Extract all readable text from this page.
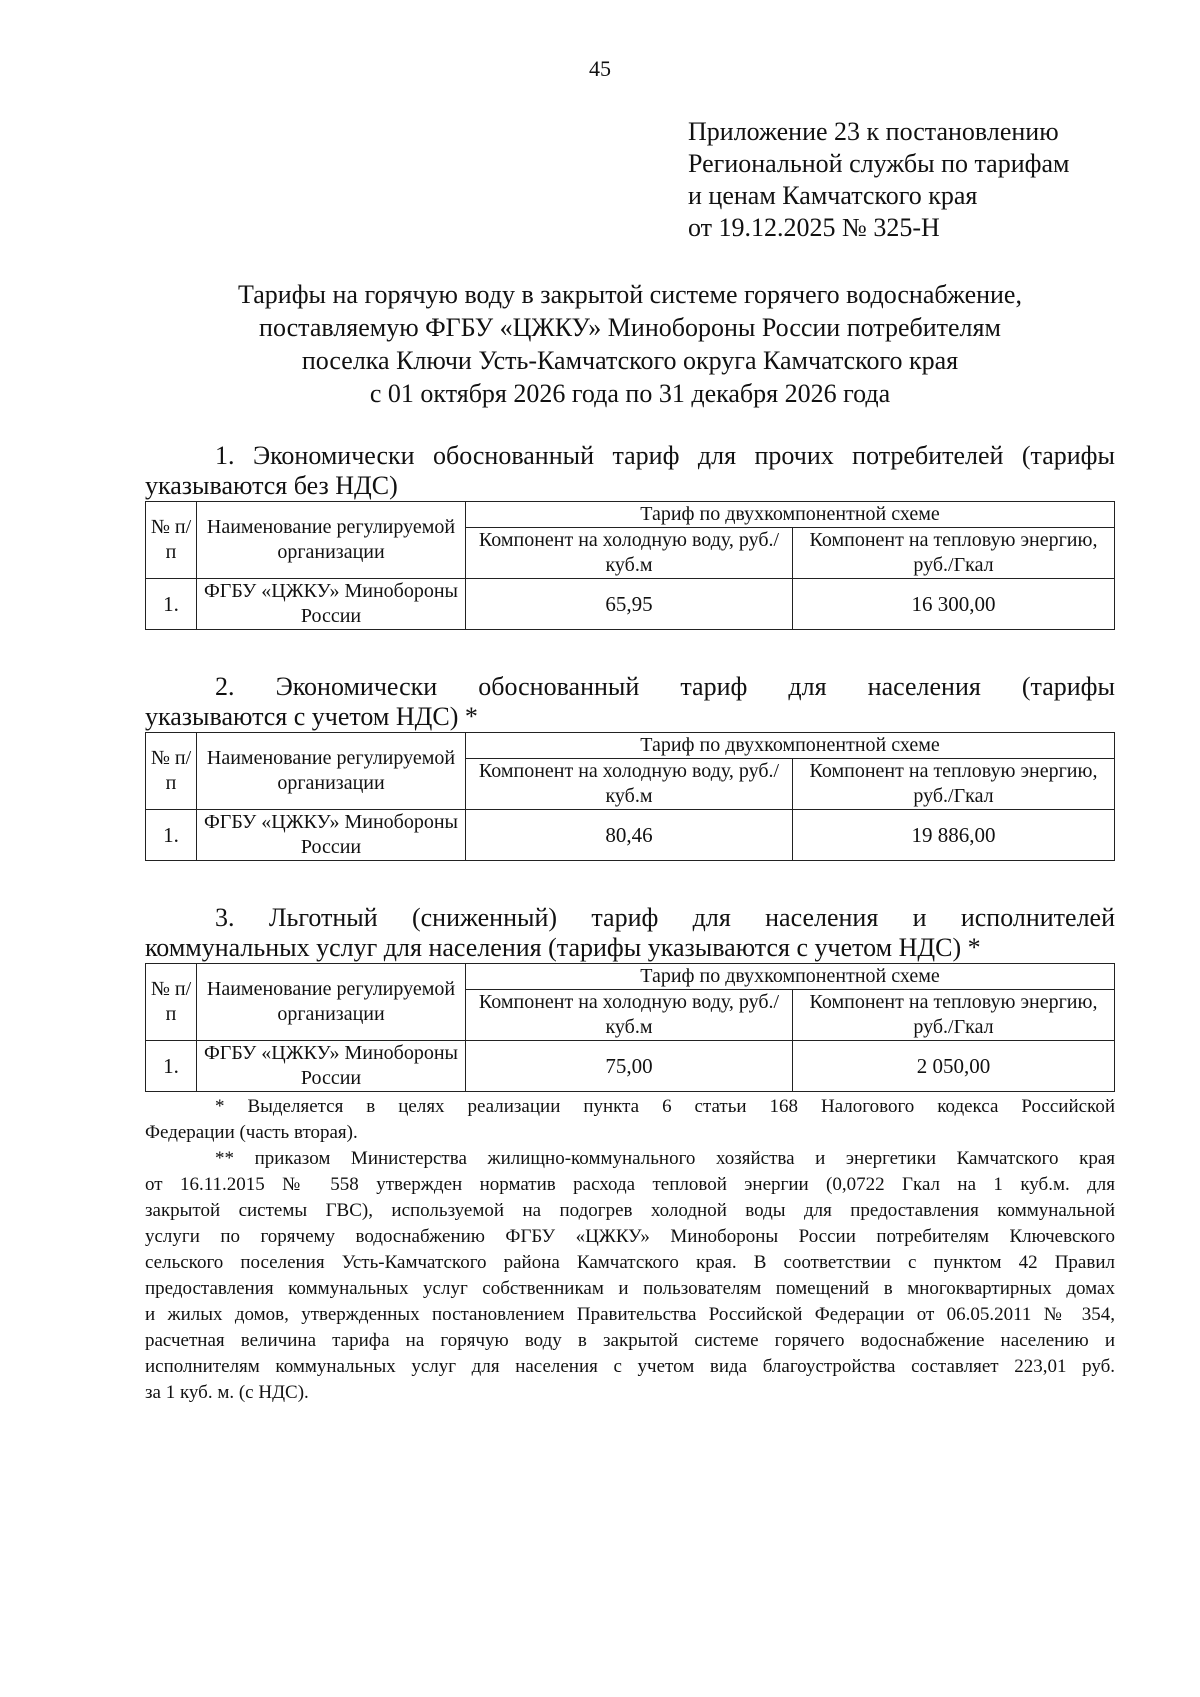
45
Приложение 23 к постановлению
Региональной службы по тарифам
и ценам Камчатского края
от 19.12.2025 № 325-Н
Тарифы на горячую воду в закрытой системе горячего водоснабжение,
поставляемую ФГБУ «ЦЖКУ» Минобороны России потребителям
поселка Ключи Усть-Камчатского округа Камчатского края
с 01 октября 2026 года по 31 декабря 2026 года
1. Экономически обоснованный тариф для прочих потребителей (тарифы
указываются без НДС)
№ п/п	Наименование регулируемой организации	Тариф по двухкомпонентной схеме	
		Компонент на холодную воду, руб./куб.м	Компонент на тепловую энергию, руб./Гкал
1.	ФГБУ «ЦЖКУ» Минобороны России	65,95	16 300,00
2. Экономически обоснованный тариф для населения (тарифы
указываются с учетом НДС) *
№ п/п	Наименование регулируемой организации	Тариф по двухкомпонентной схеме	
		Компонент на холодную воду, руб./куб.м	Компонент на тепловую энергию, руб./Гкал
1.	ФГБУ «ЦЖКУ» Минобороны России	80,46	19 886,00
3. Льготный (сниженный) тариф для населения и исполнителей
коммунальных услуг для населения (тарифы указываются с учетом НДС) *
№ п/п	Наименование регулируемой организации	Тариф по двухкомпонентной схеме	
		Компонент на холодную воду, руб./куб.м	Компонент на тепловую энергию, руб./Гкал
1.	ФГБУ «ЦЖКУ» Минобороны России	75,00	2 050,00
* Выделяется в целях реализации пункта 6 статьи 168 Налогового кодекса Российской
Федерации (часть вторая).
** приказом Министерства жилищно-коммунального хозяйства и энергетики Камчатского края
от 16.11.2015 № 558 утвержден норматив расхода тепловой энергии (0,0722 Гкал на 1 куб.м. для
закрытой системы ГВС), используемой на подогрев холодной воды для предоставления коммунальной
услуги по горячему водоснабжению ФГБУ «ЦЖКУ» Минобороны России потребителям Ключевского
сельского поселения Усть-Камчатского района Камчатского края. В соответствии с пунктом 42 Правил
предоставления коммунальных услуг собственникам и пользователям помещений в многоквартирных домах
и жилых домов, утвержденных постановлением Правительства Российской Федерации от 06.05.2011 № 354,
расчетная величина тарифа на горячую воду в закрытой системе горячего водоснабжение населению и
исполнителям коммунальных услуг для населения с учетом вида благоустройства составляет 223,01 руб.
за 1 куб. м. (с НДС).
